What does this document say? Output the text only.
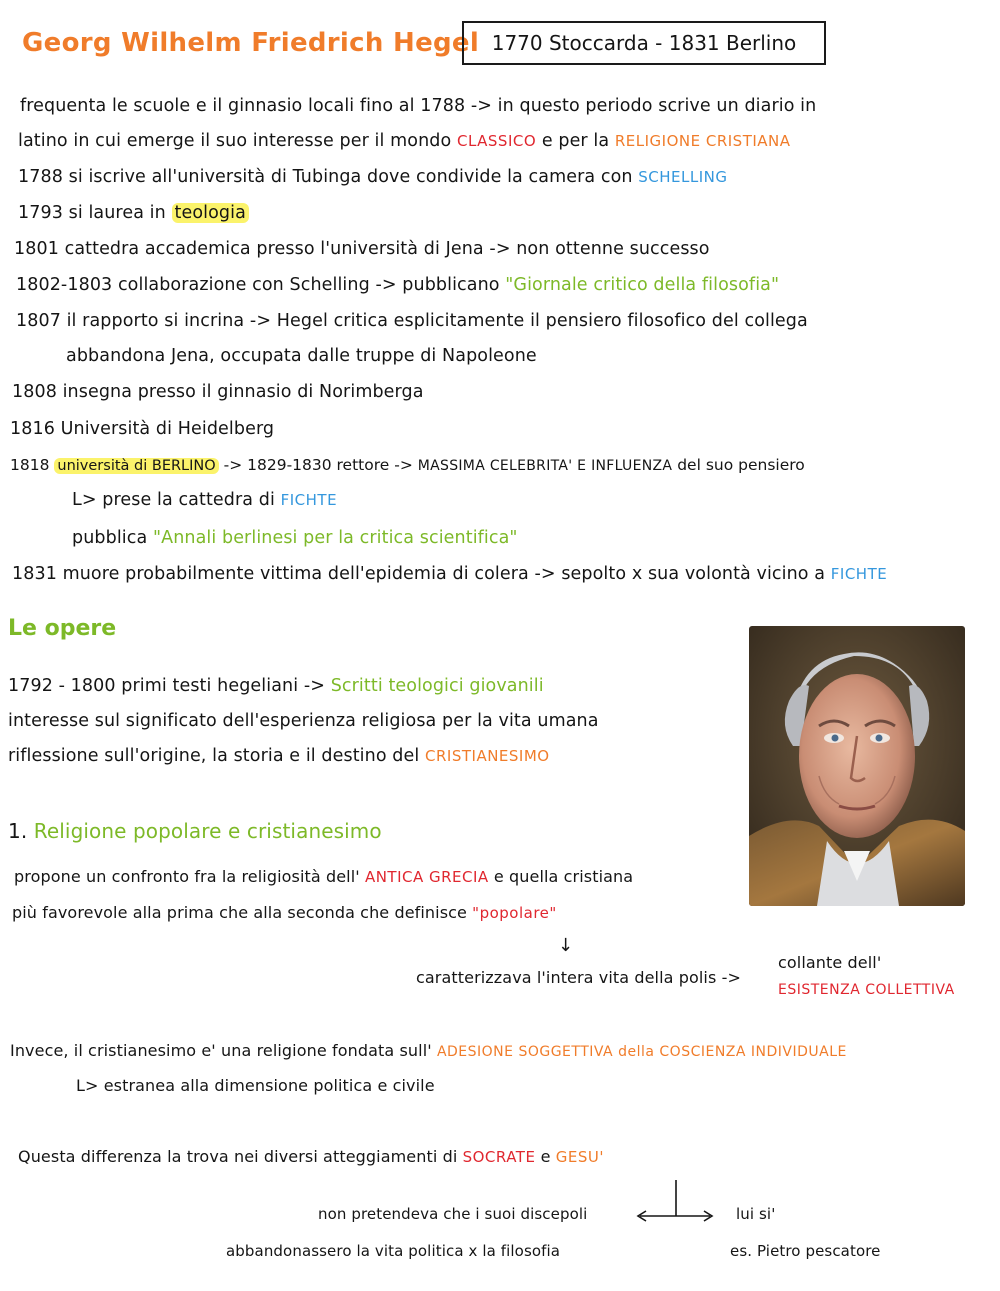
Georg Wilhelm Friedrich Hegel 1770 Stoccarda - 1831 Berlino
frequenta le scuole e il ginnasio locali fino al 1788 -> in questo periodo scrive un diario in
latino in cui emerge il suo interesse per il mondo CLASSICO e per la RELIGIONE CRISTIANA
1788 si iscrive all'università di Tubinga dove condivide la camera con SCHELLING
1793 si laurea in teologia
1801 cattedra accademica presso l'università di Jena -> non ottenne successo
1802-1803 collaborazione con Schelling -> pubblicano "Giornale critico della filosofia"
1807 il rapporto si incrina -> Hegel critica esplicitamente il pensiero filosofico del collega
abbandona Jena, occupata dalle truppe di Napoleone
1808 insegna presso il ginnasio di Norimberga
1816 Università di Heidelberg
1818 università di BERLINO -> 1829-1830 rettore -> MASSIMA CELEBRITA' E INFLUENZA del suo pensiero
L> prese la cattedra di FICHTE
pubblica "Annali berlinesi per la critica scientifica"
1831 muore probabilmente vittima dell'epidemia di colera -> sepolto x sua volontà vicino a FICHTE
Le opere
1792 - 1800 primi testi hegeliani -> Scritti teologici giovanili
interesse sul significato dell'esperienza religiosa per la vita umana
riflessione sull'origine, la storia e il destino del CRISTIANESIMO
1. Religione popolare e cristianesimo
propone un confronto fra la religiosità dell' ANTICA GRECIA e quella cristiana
più favorevole alla prima che alla seconda che definisce "popolare"
↓
caratterizzava l'intera vita della polis ->
collante dell'
ESISTENZA COLLETTIVA
Invece, il cristianesimo e' una religione fondata sull' ADESIONE SOGGETTIVA della COSCIENZA INDIVIDUALE
L> estranea alla dimensione politica e civile
Questa differenza la trova nei diversi atteggiamenti di SOCRATE e GESU'
non pretendeva che i suoi discepoli	lui si'
abbandonassero la vita politica x la filosofia	es. Pietro pescatore
